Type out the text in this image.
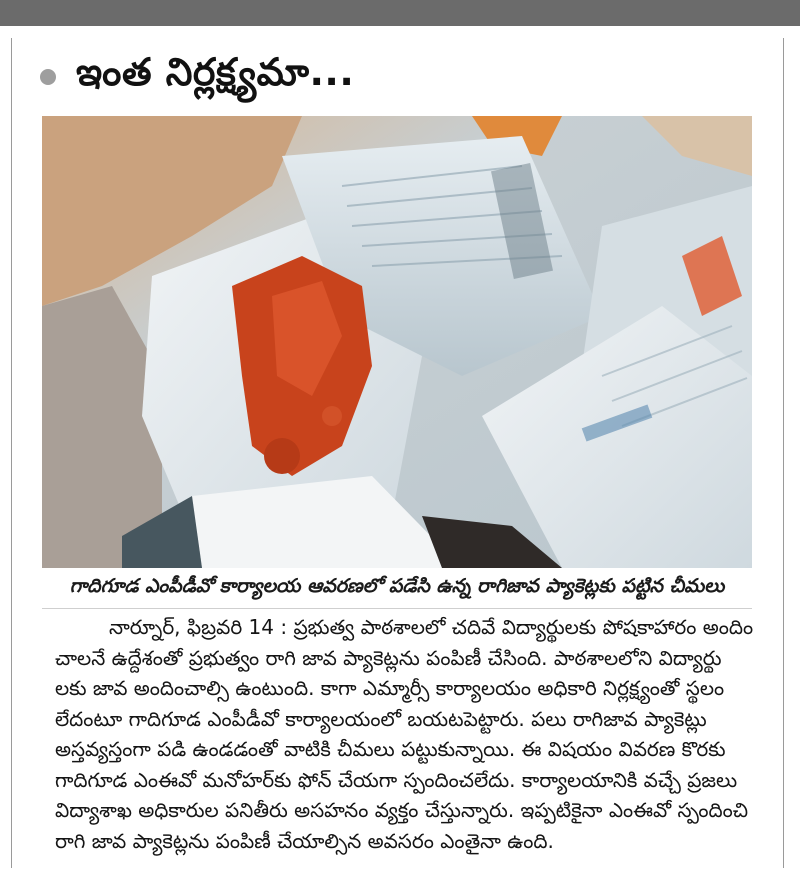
ఇంత నిర్లక్ష్యమా...
గాదిగూడ ఎంపీడీవో కార్యాలయ ఆవరణలో పడేసి ఉన్న రాగిజావ ప్యాకెట్లకు పట్టిన చీమలు
నార్నూర్, ఫిబ్రవరి 14 : ప్రభుత్వ పాఠశాలలో చదివే విద్యార్థులకు పోషకాహారం అందిం
చాలనే ఉద్దేశంతో ప్రభుత్వం రాగి జావ ప్యాకెట్లను పంపిణీ చేసింది. పాఠశాలలోని విద్యార్థు
లకు జావ అందించాల్సి ఉంటుంది. కాగా ఎమ్మార్సీ కార్యాలయం అధికారి నిర్లక్ష్యంతో స్థలం
లేదంటూ గాదిగూడ ఎంపీడీవో కార్యాలయంలో బయటపెట్టారు. పలు రాగిజావ ప్యాకెట్లు
అస్తవ్యస్తంగా పడి ఉండడంతో వాటికి చీమలు పట్టుకున్నాయి. ఈ విషయం వివరణ కొరకు
గాదిగూడ ఎంఈవో మనోహర్‌కు ఫోన్ చేయగా స్పందించలేదు. కార్యాలయానికి వచ్చే ప్రజలు
విద్యాశాఖ అధికారుల పనితీరు అసహనం వ్యక్తం చేస్తున్నారు. ఇప్పటికైనా ఎంఈవో స్పందించి
రాగి జావ ప్యాకెట్లను పంపిణీ చేయాల్సిన అవసరం ఎంతైనా ఉంది.
